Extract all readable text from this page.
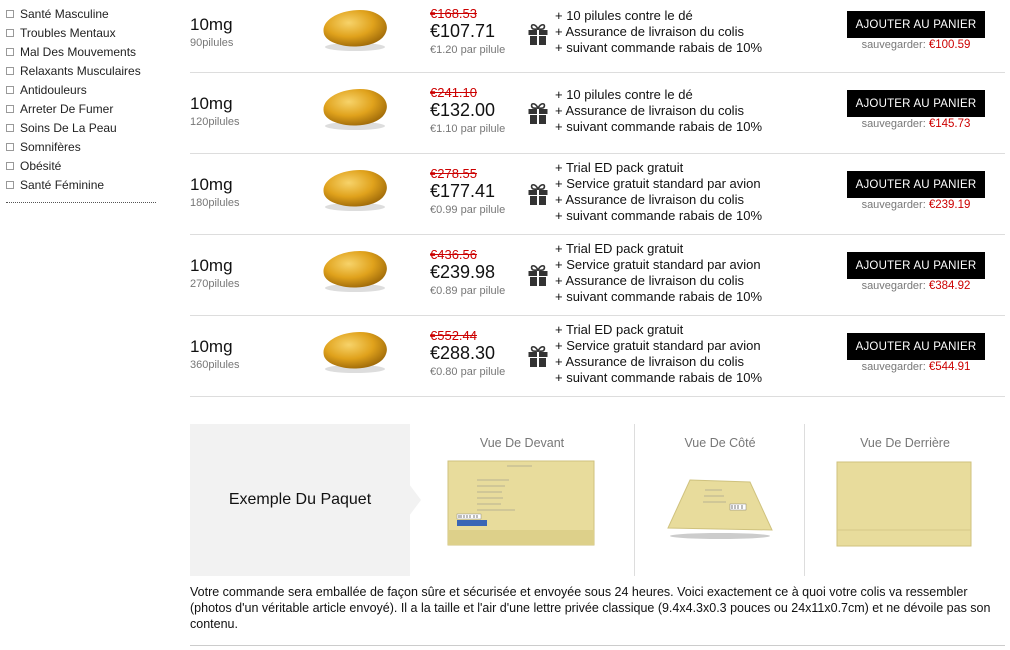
Santé Masculine
Troubles Mentaux
Mal Des Mouvements
Relaxants Musculaires
Antidouleurs
Arreter De Fumer
Soins De La Peau
Somnifères
Obésité
Santé Féminine
10mg
90pilules
€168.53
€107.71
€1.20 par pilule
+ 10 pilules contre le dé
+ Assurance de livraison du colis
+ suivant commande rabais de 10%
AJOUTER AU PANIER
sauvegarder: €100.59
10mg
120pilules
€241.10
€132.00
€1.10 par pilule
+ 10 pilules contre le dé
+ Assurance de livraison du colis
+ suivant commande rabais de 10%
AJOUTER AU PANIER
sauvegarder: €145.73
10mg
180pilules
€278.55
€177.41
€0.99 par pilule
+ Trial ED pack gratuit
+ Service gratuit standard par avion
+ Assurance de livraison du colis
+ suivant commande rabais de 10%
AJOUTER AU PANIER
sauvegarder: €239.19
10mg
270pilules
€436.56
€239.98
€0.89 par pilule
+ Trial ED pack gratuit
+ Service gratuit standard par avion
+ Assurance de livraison du colis
+ suivant commande rabais de 10%
AJOUTER AU PANIER
sauvegarder: €384.92
10mg
360pilules
€552.44
€288.30
€0.80 par pilule
+ Trial ED pack gratuit
+ Service gratuit standard par avion
+ Assurance de livraison du colis
+ suivant commande rabais de 10%
AJOUTER AU PANIER
sauvegarder: €544.91
Exemple Du Paquet
Vue De Devant
ﾠ
Vue De Côté	Vue De Derrière
Votre commande sera emballée de façon sûre et sécurisée et envoyée sous 24 heures. Voici exactement ce à quoi votre colis va ressembler (photos d'un véritable article envoyé). Il a la taille et l'air d'une lettre privée classique (9.4x4.3x0.3 pouces ou 24x11x0.7cm) et ne dévoile pas son contenu.
